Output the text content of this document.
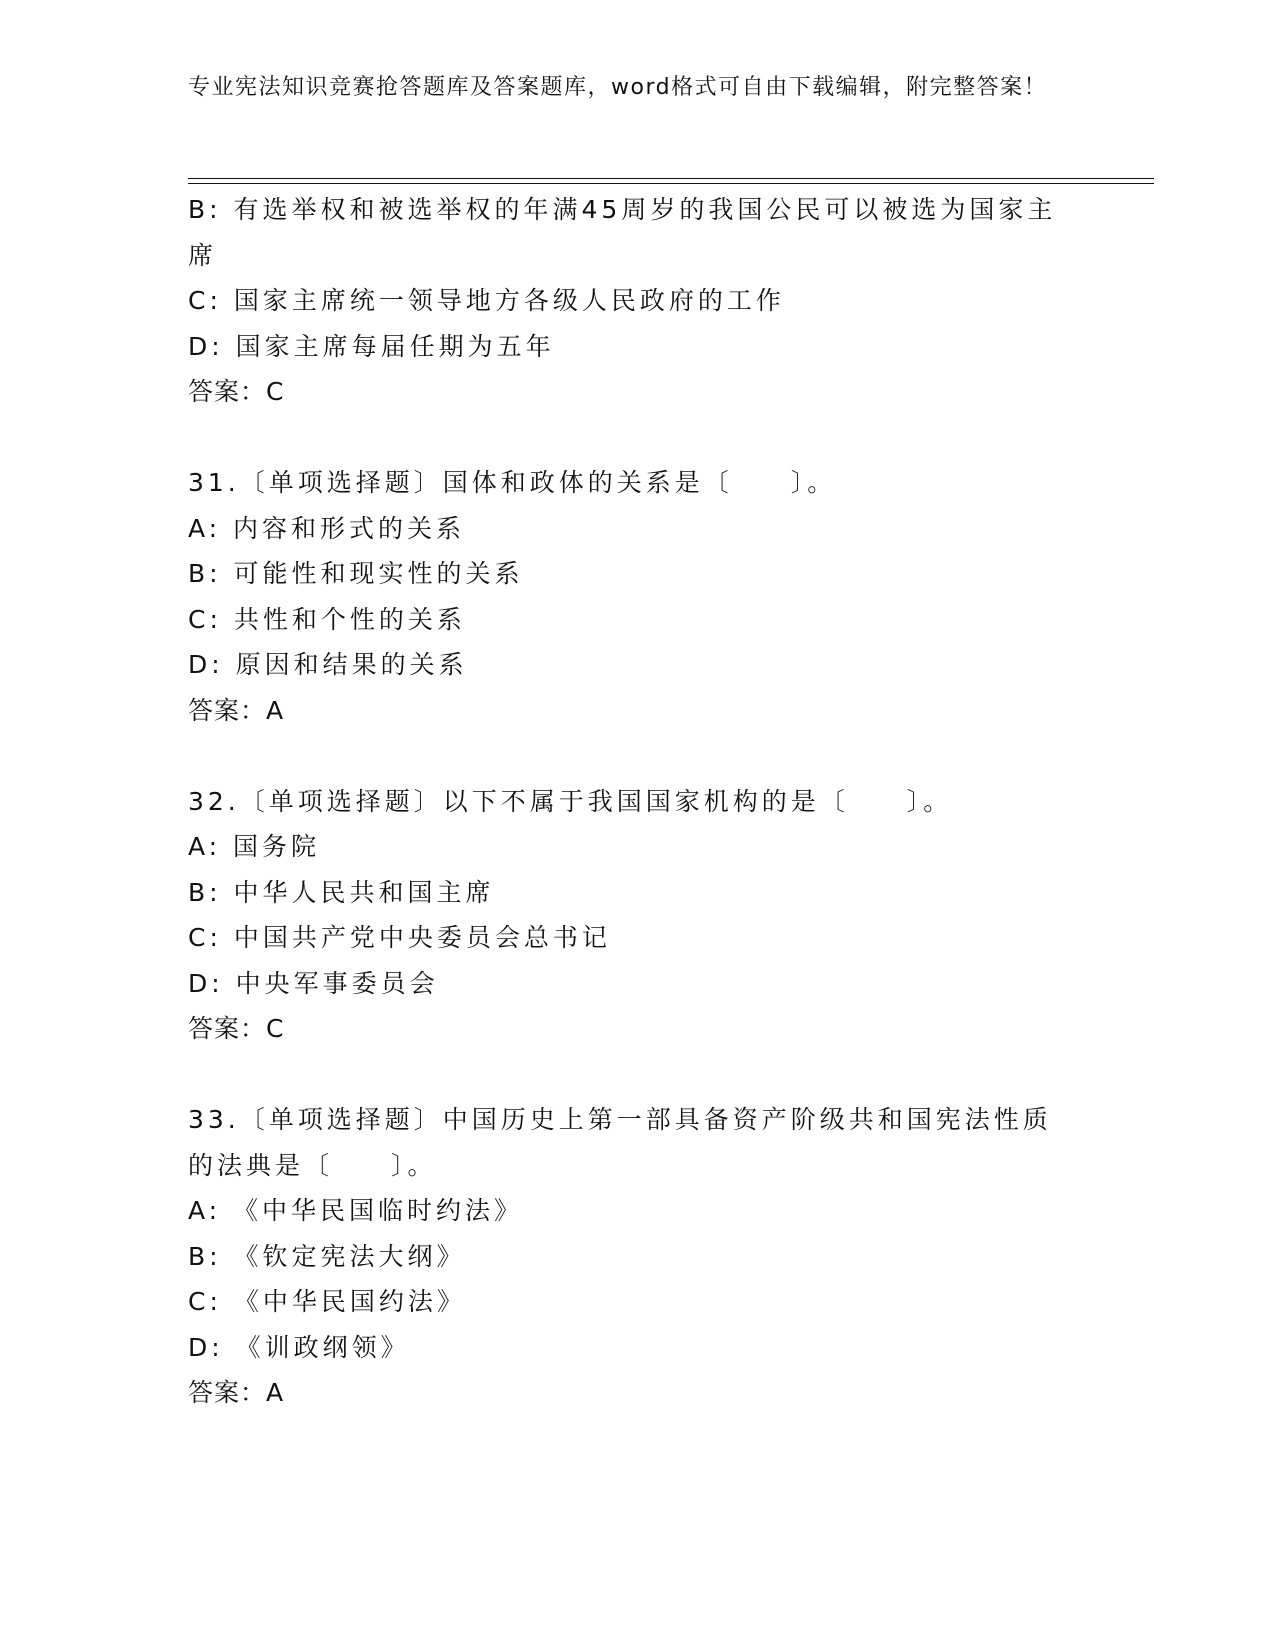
专业宪法知识竞赛抢答题库及答案题库，word格式可自由下载编辑，附完整答案！
B: 有选举权和被选举权的年满45周岁的我国公民可以被选为国家主席
C: 国家主席统一领导地方各级人民政府的工作
D: 国家主席每届任期为五年
答案：C
31.〔单项选择题〕国体和政体的关系是〔　　〕。
A: 内容和形式的关系
B: 可能性和现实性的关系
C: 共性和个性的关系
D: 原因和结果的关系
答案：A
32.〔单项选择题〕以下不属于我国国家机构的是〔　　〕。
A: 国务院
B: 中华人民共和国主席
C: 中国共产党中央委员会总书记
D: 中央军事委员会
答案：C
33.〔单项选择题〕中国历史上第一部具备资产阶级共和国宪法性质的法典是〔　　〕。
A: 《中华民国临时约法》
B: 《钦定宪法大纲》
C: 《中华民国约法》
D: 《训政纲领》
答案：A
